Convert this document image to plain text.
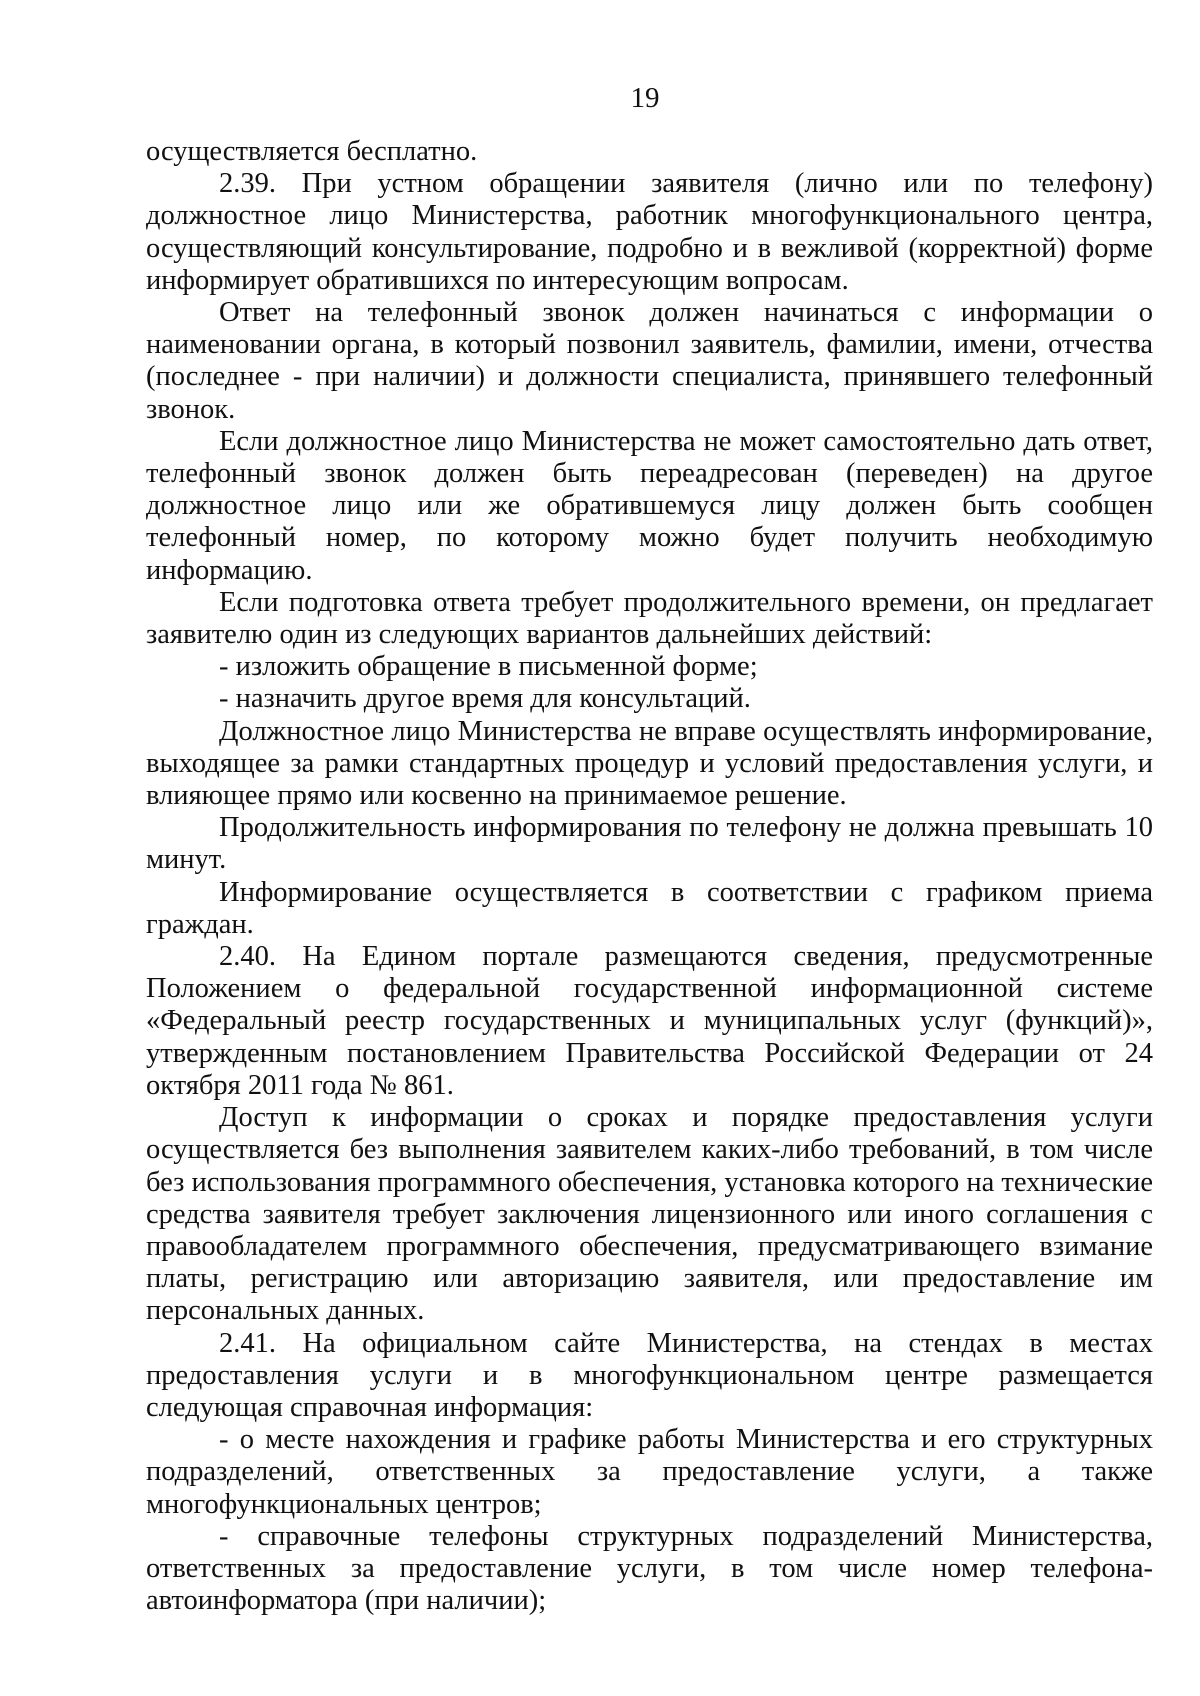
19

осуществляется бесплатно.

2.39. При устном обращении заявителя (лично или по телефону) должностное лицо Министерства, работник многофункционального центра, осуществляющий консультирование, подробно и в вежливой (корректной) форме информирует обратившихся по интересующим вопросам.

Ответ на телефонный звонок должен начинаться с информации о наименовании органа, в который позвонил заявитель, фамилии, имени, отчества (последнее - при наличии) и должности специалиста, принявшего телефонный звонок.

Если должностное лицо Министерства не может самостоятельно дать ответ, телефонный звонок должен быть переадресован (переведен) на другое должностное лицо или же обратившемуся лицу должен быть сообщен телефонный номер, по которому можно будет получить необходимую информацию.

Если подготовка ответа требует продолжительного времени, он предлагает заявителю один из следующих вариантов дальнейших действий:

- изложить обращение в письменной форме;

- назначить другое время для консультаций.

Должностное лицо Министерства не вправе осуществлять информирование, выходящее за рамки стандартных процедур и условий предоставления услуги, и влияющее прямо или косвенно на принимаемое решение.

Продолжительность информирования по телефону не должна превышать 10 минут.

Информирование осуществляется в соответствии с графиком приема граждан.

2.40. На Едином портале размещаются сведения, предусмотренные Положением о федеральной государственной информационной системе «Федеральный реестр государственных и муниципальных услуг (функций)», утвержденным постановлением Правительства Российской Федерации от 24 октября 2011 года № 861.

Доступ к информации о сроках и порядке предоставления услуги осуществляется без выполнения заявителем каких-либо требований, в том числе без использования программного обеспечения, установка которого на технические средства заявителя требует заключения лицензионного или иного соглашения с правообладателем программного обеспечения, предусматривающего взимание платы, регистрацию или авторизацию заявителя, или предоставление им персональных данных.

2.41. На официальном сайте Министерства, на стендах в местах предоставления услуги и в многофункциональном центре размещается следующая справочная информация:

- о месте нахождения и графике работы Министерства и его структурных подразделений, ответственных за предоставление услуги, а также многофункциональных центров;

- справочные телефоны структурных подразделений Министерства, ответственных за предоставление услуги, в том числе номер телефона-автоинформатора (при наличии);
